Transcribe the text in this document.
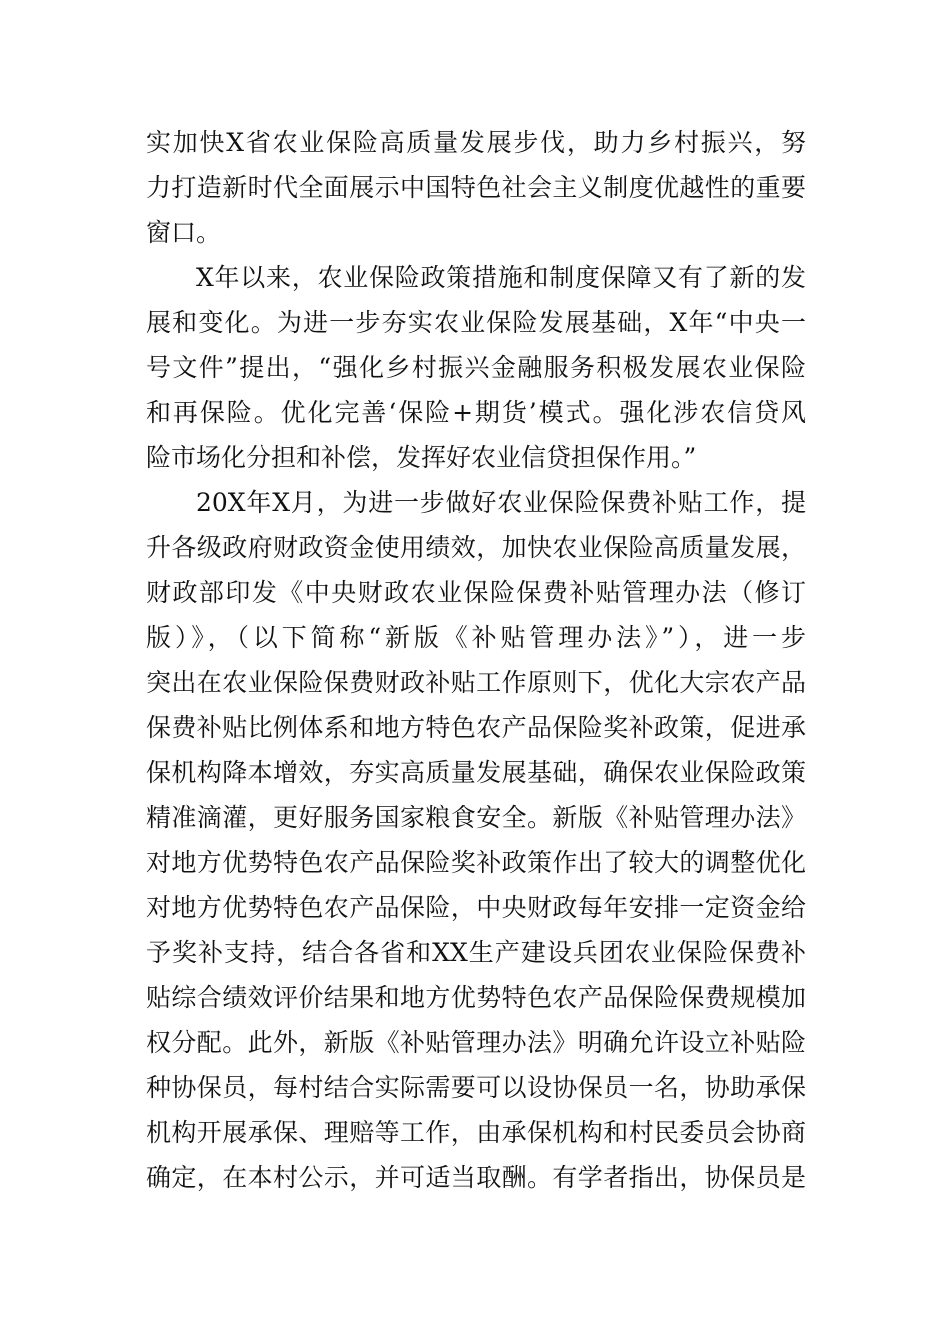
实加快X省农业保险高质量发展步伐，助力乡村振兴，努
力打造新时代全面展示中国特色社会主义制度优越性的重要
窗口。
X年以来，农业保险政策措施和制度保障又有了新的发
展和变化。为进一步夯实农业保险发展基础，X年“中央一
号文件”提出，“强化乡村振兴金融服务积极发展农业保险
和再保险。优化完善‘保险+期货’模式。强化涉农信贷风
险市场化分担和补偿，发挥好农业信贷担保作用。”
20X年X月，为进一步做好农业保险保费补贴工作，提
升各级政府财政资金使用绩效，加快农业保险高质量发展，
财政部印发《中央财政农业保险保费补贴管理办法（修订
版）》，（以下简称“新版《补贴管理办法》”），进一步
突出在农业保险保费财政补贴工作原则下，优化大宗农产品
保费补贴比例体系和地方特色农产品保险奖补政策，促进承
保机构降本增效，夯实高质量发展基础，确保农业保险政策
精准滴灌，更好服务国家粮食安全。新版《补贴管理办法》
对地方优势特色农产品保险奖补政策作出了较大的调整优化
对地方优势特色农产品保险，中央财政每年安排一定资金给
予奖补支持，结合各省和XX生产建设兵团农业保险保费补
贴综合绩效评价结果和地方优势特色农产品保险保费规模加
权分配。此外，新版《补贴管理办法》明确允许设立补贴险
种协保员，每村结合实际需要可以设协保员一名，协助承保
机构开展承保、理赔等工作，由承保机构和村民委员会协商
确定，在本村公示，并可适当取酬。有学者指出，协保员是
